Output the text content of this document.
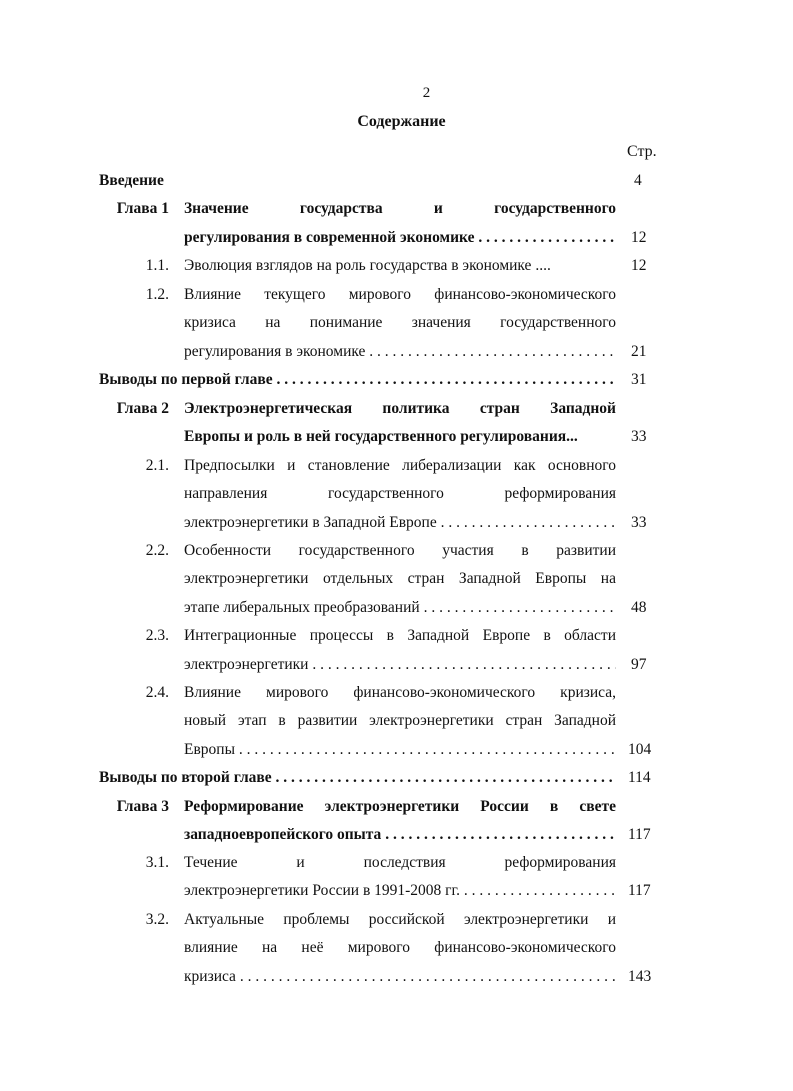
2
Содержание
Стр.
Введение	4
Глава 1 Значение государства и государственного
регулирования в современной экономике . . .	12
1.1. Эволюция взглядов на роль государства в экономике ....	12
1.2. Влияние текущего мирового финансово-экономического
кризиса на понимание значения государственного
регулирования в экономике . . .	21
Выводы по первой главе . . .	31
Глава 2 Электроэнергетическая политика стран Западной
Европы и роль в ней государственного регулирования...	33
2.1. Предпосылки и становление либерализации как основного
направления государственного реформирования
электроэнергетики в Западной Европе . . .	33
2.2. Особенности государственного участия в развитии
электроэнергетики отдельных стран Западной Европы на
этапе либеральных преобразований . . .	48
2.3. Интеграционные процессы в Западной Европе в области
электроэнергетики . . .	97
2.4. Влияние мирового финансово-экономического кризиса,
новый этап в развитии электроэнергетики стран Западной
Европы . . .	104
Выводы по второй главе . . .	114
Глава 3 Реформирование электроэнергетики России в свете
западноевропейского опыта . . .	117
3.1. Течение и последствия реформирования
электроэнергетики России в 1991-2008 гг. . . .	117
3.2. Актуальные проблемы российской электроэнергетики и
влияние на неё мирового финансово-экономического
кризиса . . .	143
